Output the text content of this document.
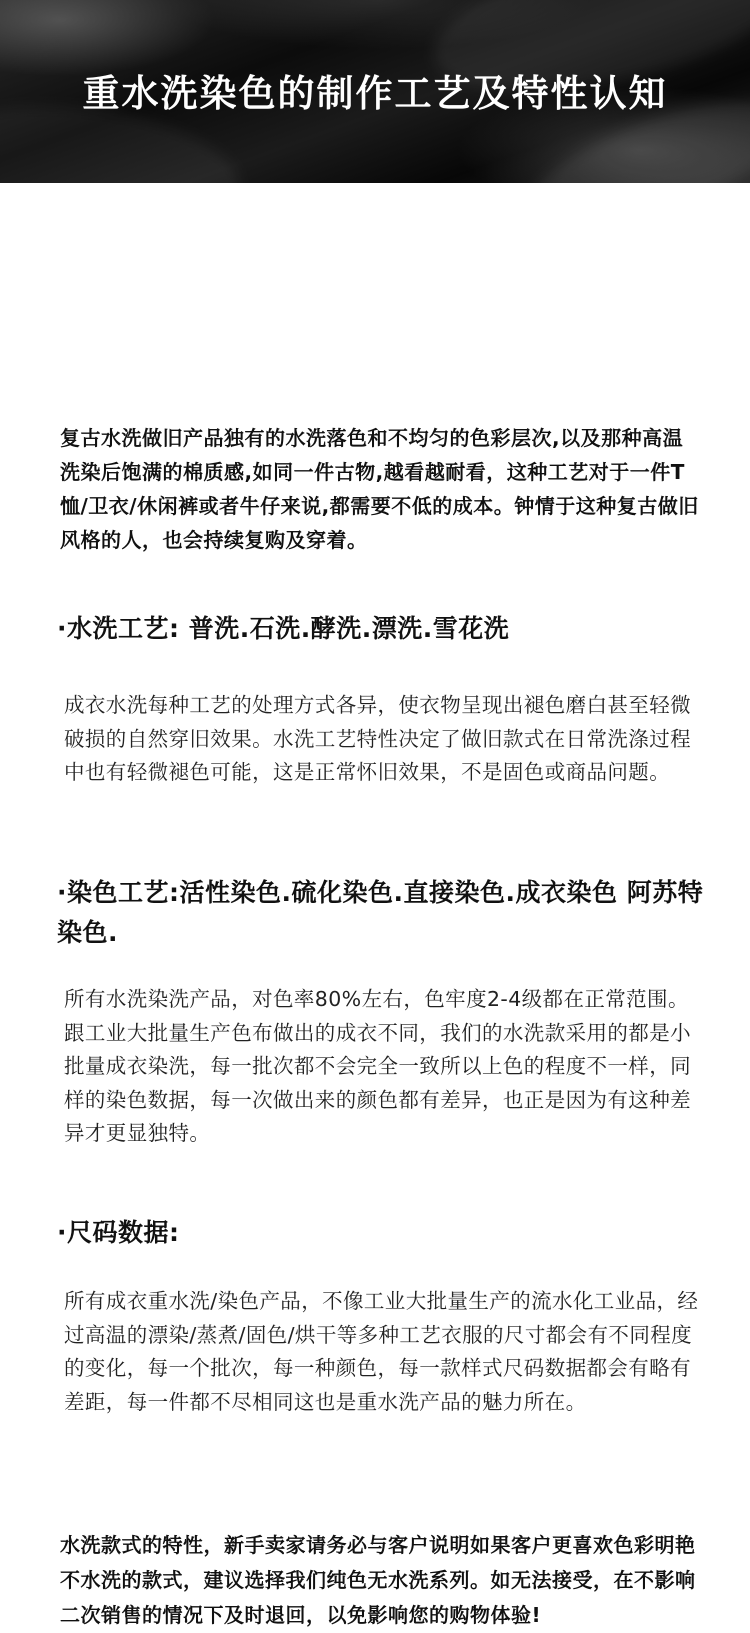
重水洗染色的制作工艺及特性认知

复古水洗做旧产品独有的水洗落色和不均匀的色彩层次,以及那种高温洗染后饱满的棉质感,如同一件古物,越看越耐看，这种工艺对于一件T恤/卫衣/休闲裤或者牛仔来说,都需要不低的成本。钟情于这种复古做旧风格的人，也会持续复购及穿着。

·水洗工艺: 普洗.石洗.酵洗.漂洗.雪花洗

成衣水洗每种工艺的处理方式各异，使衣物呈现出褪色磨白甚至轻微破损的自然穿旧效果。水洗工艺特性决定了做旧款式在日常洗涤过程中也有轻微褪色可能，这是正常怀旧效果，不是固色或商品问题。

·染色工艺:活性染色.硫化染色.直接染色.成衣染色 阿苏特染色.

所有水洗染洗产品，对色率80%左右，色牢度2-4级都在正常范围。跟工业大批量生产色布做出的成衣不同，我们的水洗款采用的都是小批量成衣染洗，每一批次都不会完全一致所以上色的程度不一样，同样的染色数据，每一次做出来的颜色都有差异，也正是因为有这种差异才更显独特。

·尺码数据:

所有成衣重水洗/染色产品，不像工业大批量生产的流水化工业品，经过高温的漂染/蒸煮/固色/烘干等多种工艺衣服的尺寸都会有不同程度的变化，每一个批次，每一种颜色，每一款样式尺码数据都会有略有差距，每一件都不尽相同这也是重水洗产品的魅力所在。

水洗款式的特性，新手卖家请务必与客户说明如果客户更喜欢色彩明艳不水洗的款式，建议选择我们纯色无水洗系列。如无法接受，在不影响二次销售的情况下及时退回，以免影响您的购物体验!
